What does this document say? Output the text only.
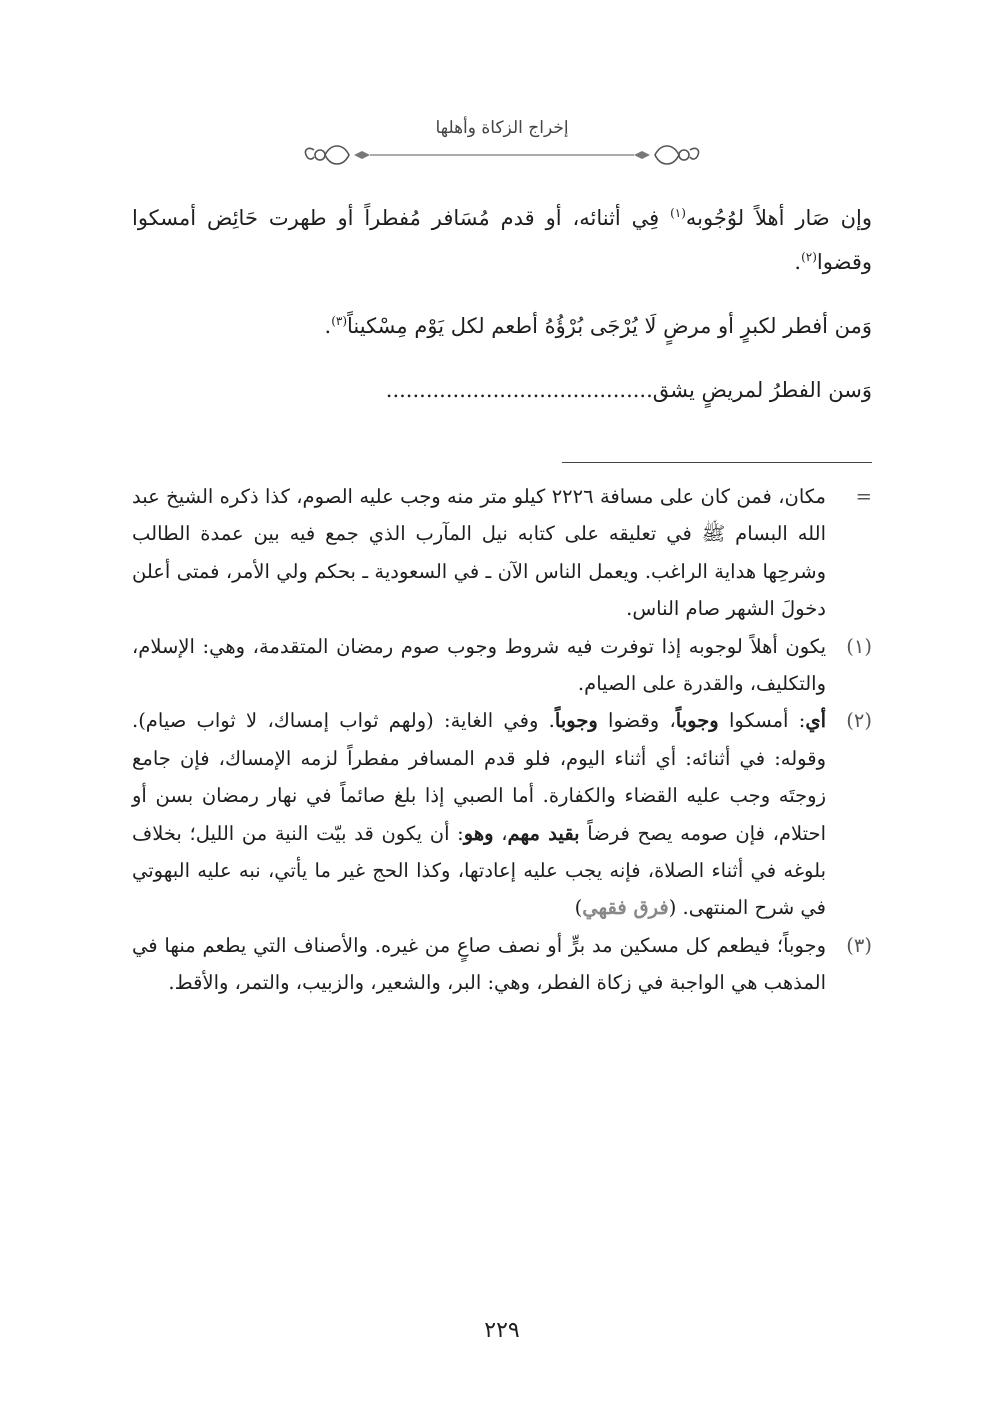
إخراج الزكاة وأهلها

وإن صَار أهلاً لوُجُوبه$^{(١)}$ فِي أثنائه، أو قدم مُسَافر مُفطراً أو طهرت حَائِض أمسكوا وقضوا$^{(٢)}$.

وَمن أفطر لكبرٍ أو مرضٍ لَا يُرْجَى بُرْؤُهُ أطعم لكل يَوْم مِسْكيناً$^{(٣)}$.

وَسن الفطرُ لمريضٍ يشق........................................

=
مكان، فمن كان على مسافة ٢٢٢٦ كيلو متر منه وجب عليه الصوم، كذا ذكره الشيخ عبد الله البسام ﷺ في تعليقه على كتابه نيل المآرب الذي جمع فيه بين عمدة الطالب وشرحِها هداية الراغب. ويعمل الناس الآن ـ في السعودية ـ بحكم ولي الأمر، فمتى أعلن دخولَ الشهر صام الناس.
(١)
يكون أهلاً لوجوبه إذا توفرت فيه شروط وجوب صوم رمضان المتقدمة، وهي: الإسلام، والتكليف، والقدرة على الصيام.
(٢)
أي: أمسكوا وجوباً، وقضوا وجوباً. وفي الغاية: (ولهم ثواب إمساك، لا ثواب صيام). وقوله: في أثنائه: أي أثناء اليوم، فلو قدم المسافر مفطراً لزمه الإمساك، فإن جامع زوجتَه وجب عليه القضاء والكفارة. أما الصبي إذا بلغ صائماً في نهار رمضان بسن أو احتلام، فإن صومه يصح فرضاً بقيد مهم، وهو: أن يكون قد بيّت النية من الليل؛ بخلاف بلوغه في أثناء الصلاة، فإنه يجب عليه إعادتها، وكذا الحج غير ما يأتي، نبه عليه البهوتي في شرح المنتهى. (فرق فقهي)
(٣)
وجوباً؛ فيطعم كل مسكين مد برٍّ أو نصف صاعٍ من غيره. والأصناف التي يطعم منها في المذهب هي الواجبة في زكاة الفطر، وهي: البر، والشعير، والزبيب، والتمر، والأقط.
٢٢٩
